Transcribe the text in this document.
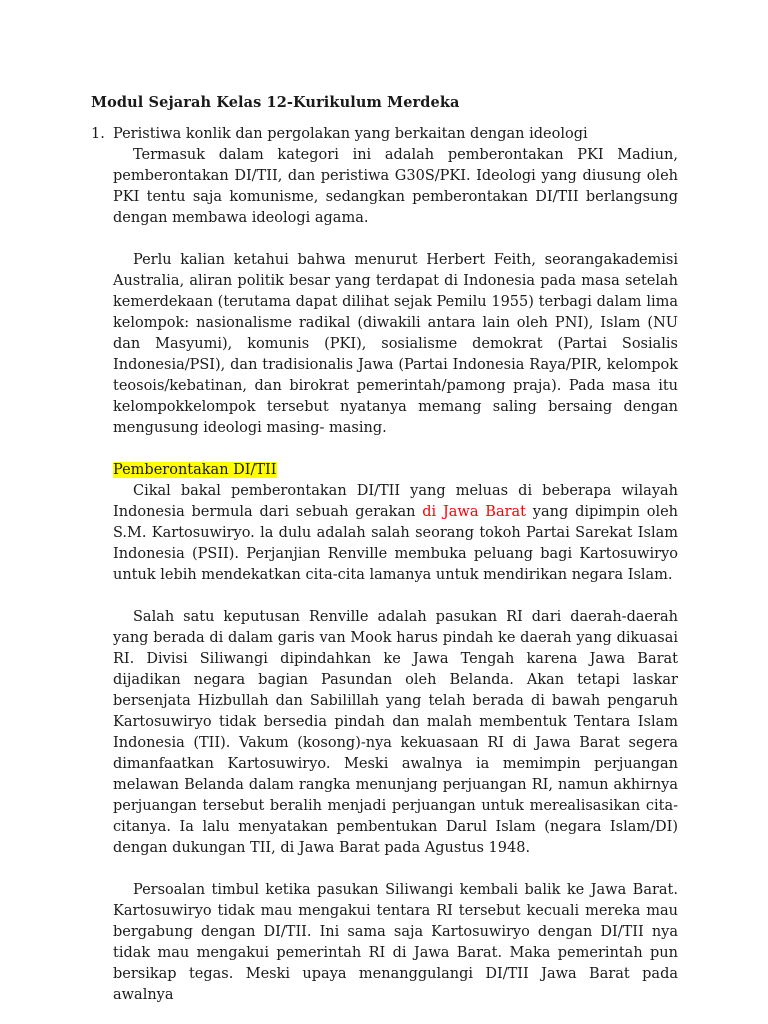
Modul Sejarah Kelas 12-Kurikulum Merdeka
1. Peristiwa konlik dan pergolakan yang berkaitan dengan ideologi

Termasuk dalam kategori ini adalah pemberontakan PKI Madiun, pemberontakan DI/TII, dan peristiwa G30S/PKI. Ideologi yang diusung oleh PKI tentu saja komunisme, sedangkan pemberontakan DI/TII berlangsung dengan membawa ideologi agama.

Perlu kalian ketahui bahwa menurut Herbert Feith, seorangakademisi Australia, aliran politik besar yang terdapat di Indonesia pada masa setelah kemerdekaan (terutama dapat dilihat sejak Pemilu 1955) terbagi dalam lima kelompok: nasionalisme radikal (diwakili antara lain oleh PNI), Islam (NU dan Masyumi), komunis (PKI), sosialisme demokrat (Partai Sosialis Indonesia/PSI), dan tradisionalis Jawa (Partai Indonesia Raya/PIR, kelompok teosois/kebatinan, dan birokrat pemerintah/pamong praja). Pada masa itu kelompokkelompok tersebut nyatanya memang saling bersaing dengan mengusung ideologi masing- masing.

Pemberontakan DI/TII

Cikal bakal pemberontakan DI/TII yang meluas di beberapa wilayah Indonesia bermula dari sebuah gerakan di Jawa Barat yang dipimpin oleh S.M. Kartosuwiryo. la dulu adalah salah seorang tokoh Partai Sarekat Islam Indonesia (PSII). Perjanjian Renville membuka peluang bagi Kartosuwiryo untuk lebih mendekatkan cita-cita lamanya untuk mendirikan negara Islam.

Salah satu keputusan Renville adalah pasukan RI dari daerah-daerah yang berada di dalam garis van Mook harus pindah ke daerah yang dikuasai RI. Divisi Siliwangi dipindahkan ke Jawa Tengah karena Jawa Barat dijadikan negara bagian Pasundan oleh Belanda. Akan tetapi laskar bersenjata Hizbullah dan Sabilillah yang telah berada di bawah pengaruh Kartosuwiryo tidak bersedia pindah dan malah membentuk Tentara Islam Indonesia (TII). Vakum (kosong)-nya kekuasaan RI di Jawa Barat segera dimanfaatkan Kartosuwiryo. Meski awalnya ia memimpin perjuangan melawan Belanda dalam rangka menunjang perjuangan RI, namun akhirnya perjuangan tersebut beralih menjadi perjuangan untuk merealisasikan cita-citanya. Ia lalu menyatakan pembentukan Darul Islam (negara Islam/DI) dengan dukungan TII, di Jawa Barat pada Agustus 1948.

Persoalan timbul ketika pasukan Siliwangi kembali balik ke Jawa Barat. Kartosuwiryo tidak mau mengakui tentara RI tersebut kecuali mereka mau bergabung dengan DI/TII. Ini sama saja Kartosuwiryo dengan DI/TII nya tidak mau mengakui pemerintah RI di Jawa Barat. Maka pemerintah pun bersikap tegas. Meski upaya menanggulangi DI/TII Jawa Barat pada awalnya
